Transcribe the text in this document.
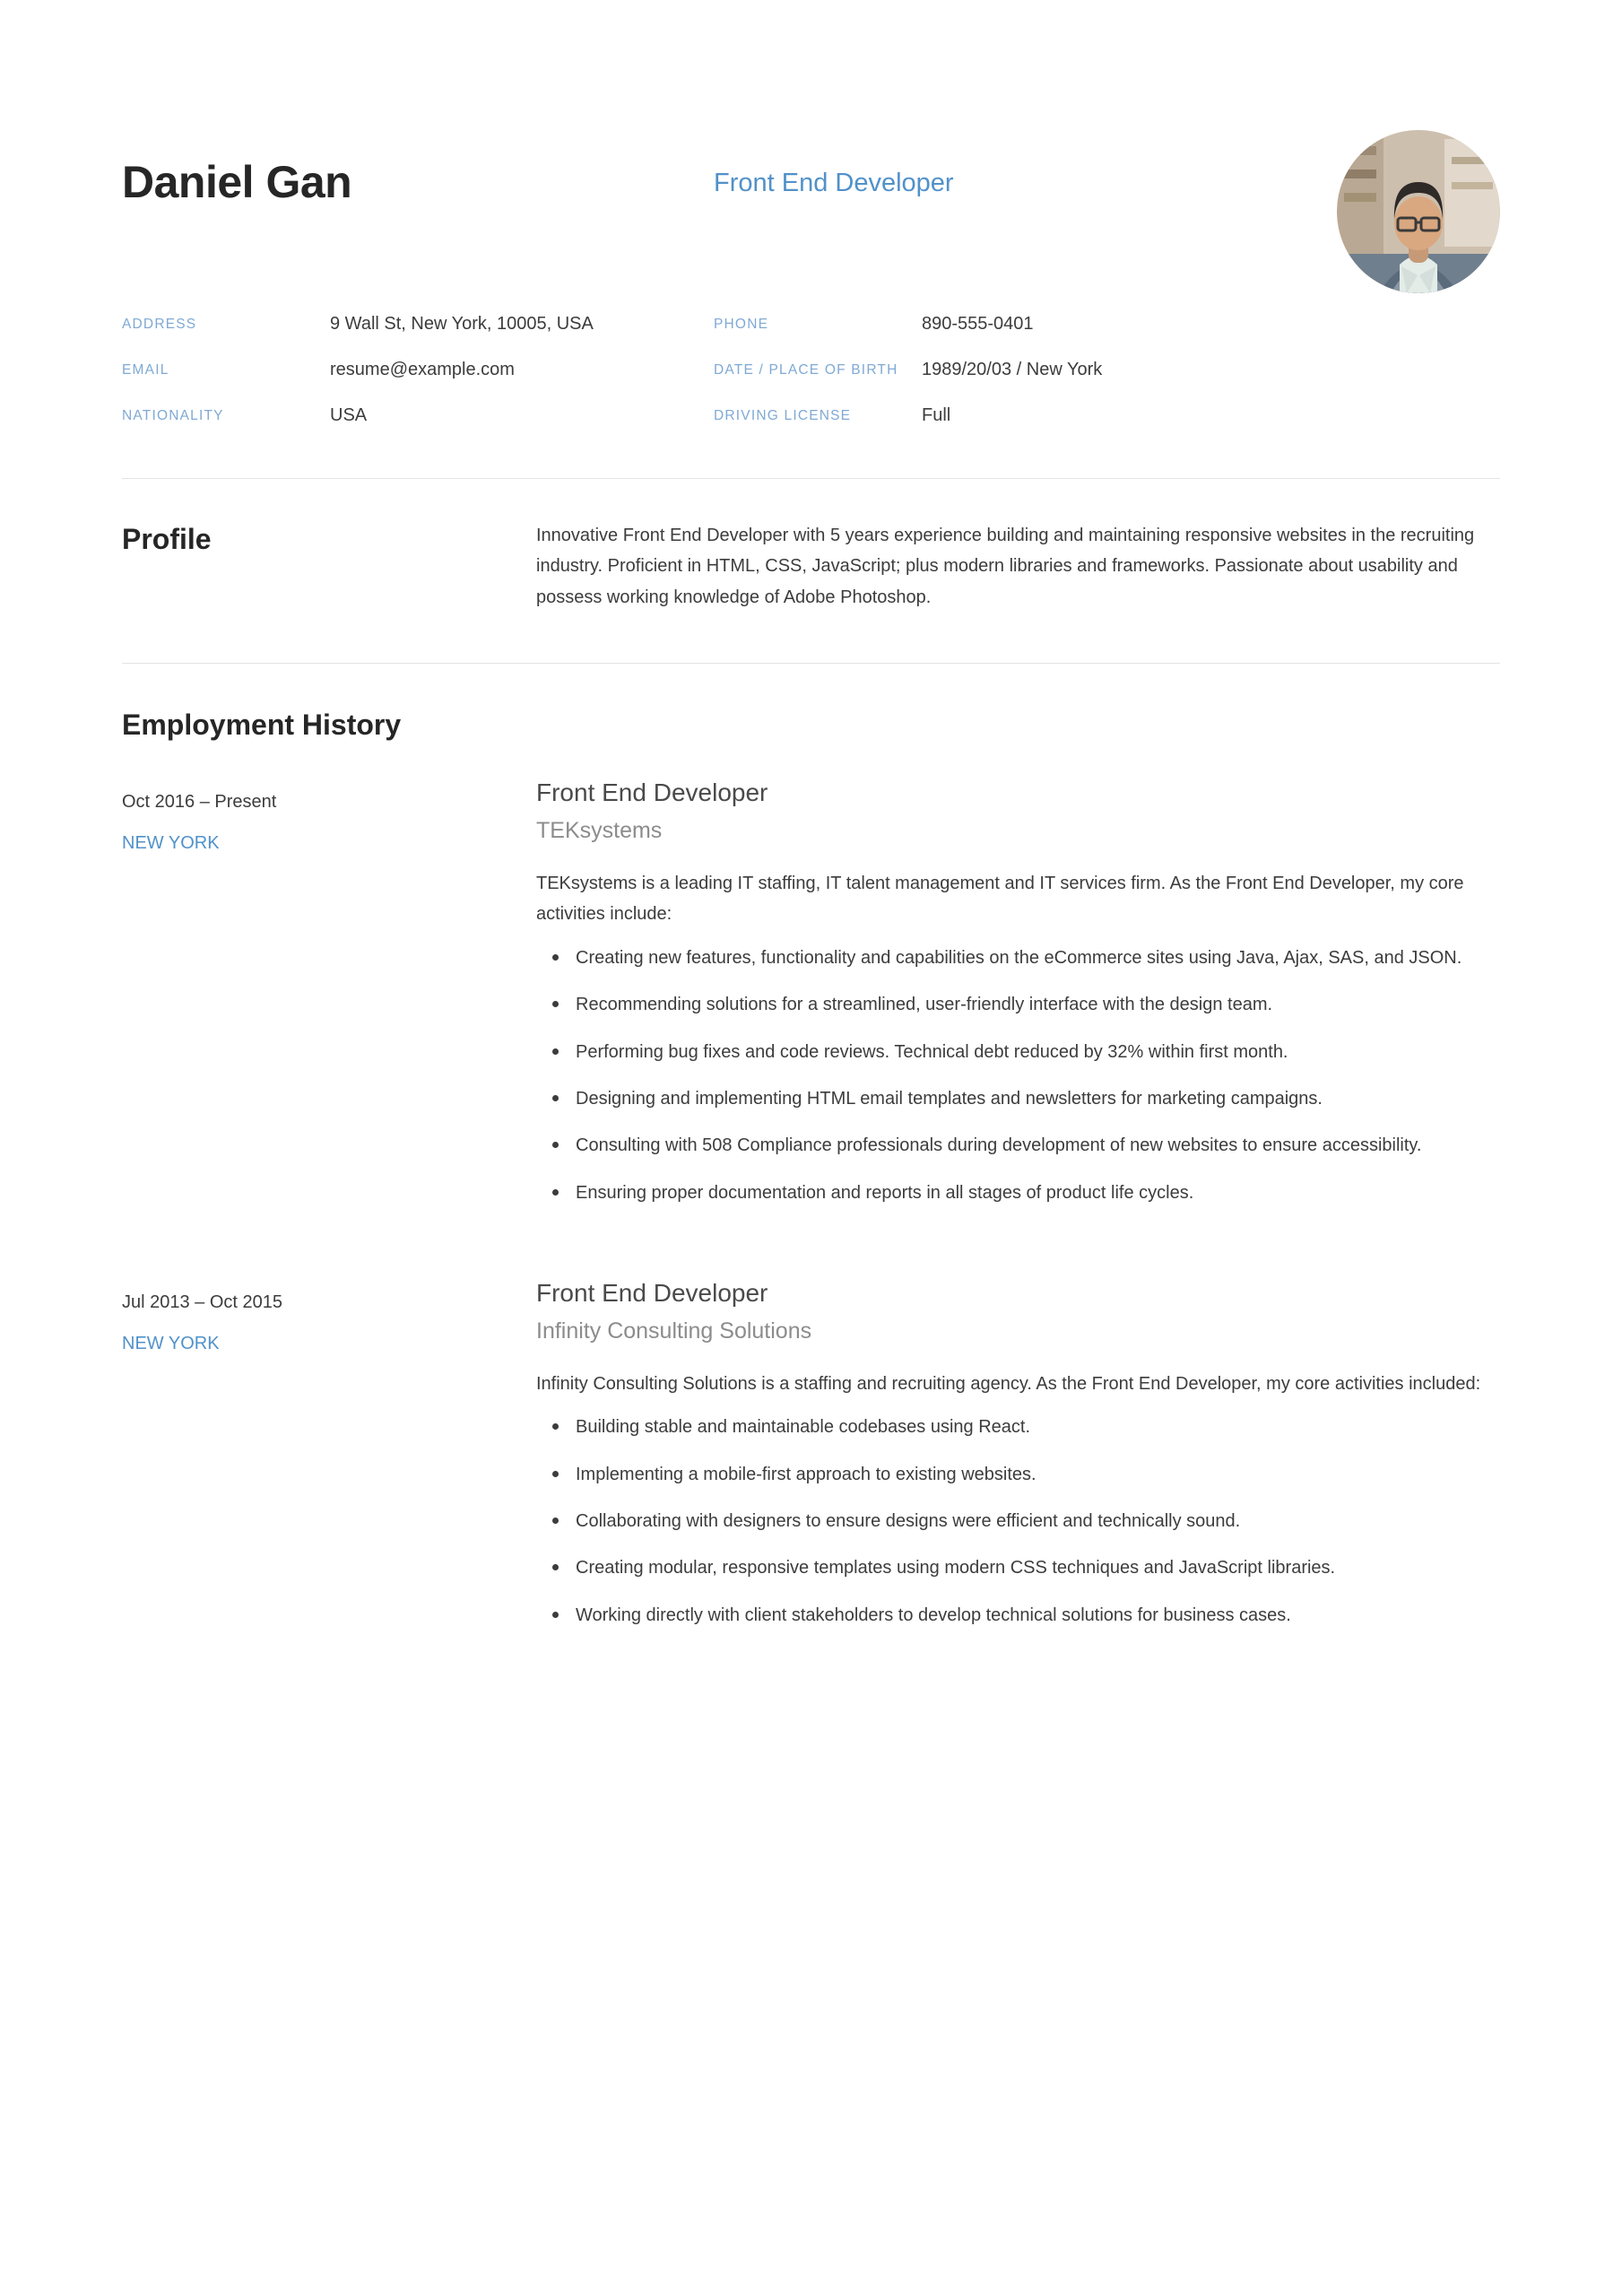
Daniel Gan	Front End Developer
ADDRESS	9 Wall St, New York, 10005, USA
EMAIL	resume@example.com
NATIONALITY	USA
PHONE	890-555-0401
DATE / PLACE OF BIRTH	1989/20/03 / New York
DRIVING LICENSE	Full
Profile	Innovative Front End Developer with 5 years experience building and maintaining responsive websites in the recruiting industry. Proficient in HTML, CSS, JavaScript; plus modern libraries and frameworks. Passionate about usability and possess working knowledge of Adobe Photoshop.

Employment History
Oct 2016 – Present
NEW YORK
Front End Developer
TEKsystems
TEKsystems is a leading IT staffing, IT talent management and IT services firm. As the Front End Developer, my core activities include:
Creating new features, functionality and capabilities on the eCommerce sites using Java, Ajax, SAS, and JSON.
Recommending solutions for a streamlined, user-friendly interface with the design team.
Performing bug fixes and code reviews. Technical debt reduced by 32% within first month.
Designing and implementing HTML email templates and newsletters for marketing campaigns.
Consulting with 508 Compliance professionals during development of new websites to ensure accessibility.
Ensuring proper documentation and reports in all stages of product life cycles.
Jul 2013 – Oct 2015
NEW YORK
Front End Developer
Infinity Consulting Solutions
Infinity Consulting Solutions is a staffing and recruiting agency. As the Front End Developer, my core activities included:
Building stable and maintainable codebases using React.
Implementing a mobile-first approach to existing websites.
Collaborating with designers to ensure designs were efficient and technically sound.
Creating modular, responsive templates using modern CSS techniques and JavaScript libraries.
Working directly with client stakeholders to develop technical solutions for business cases.
